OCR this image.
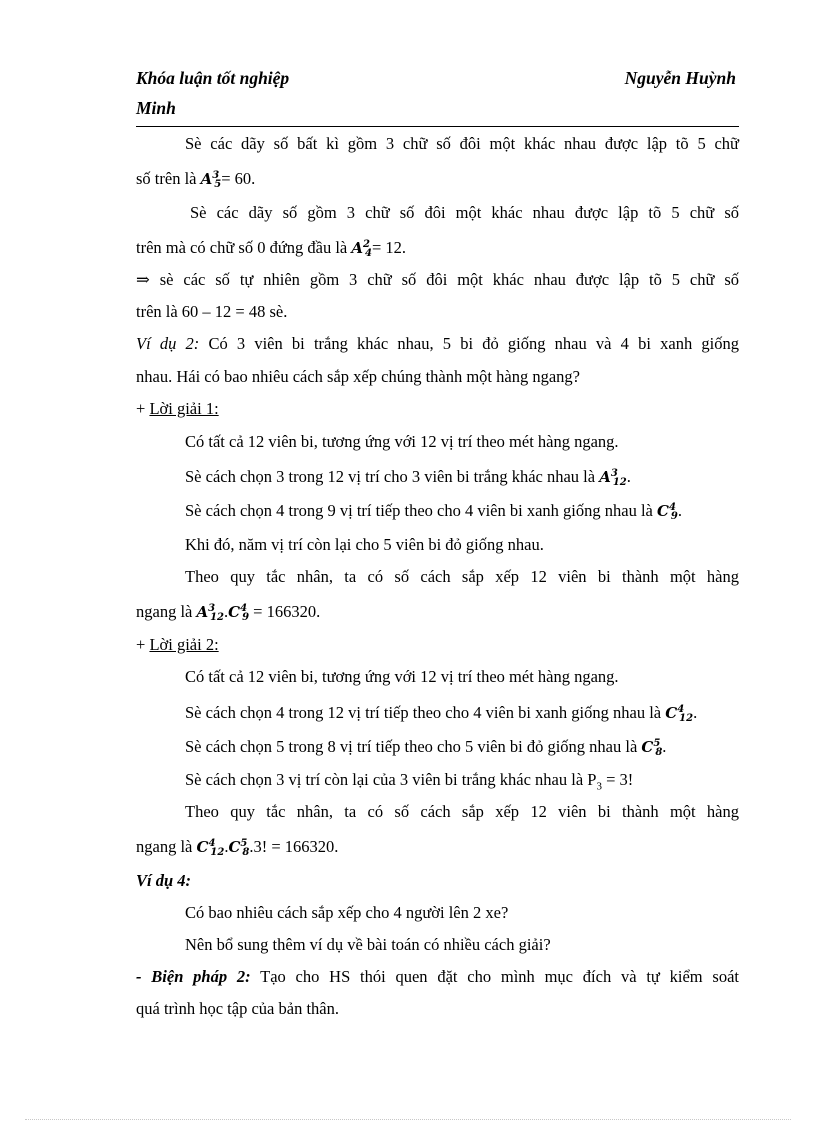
Khóa luận tốt nghiệp	Nguyễn Huỳnh
Minh
Sè các dãy số bất kì gồm 3 chữ số đôi một khác nhau được lập tõ 5 chữ
số trên là $A^3_5= 60$.
Sè các dãy số gồm 3 chữ số đôi một khác nhau được lập tõ 5 chữ số
trên mà có chữ số 0 đứng đầu là $A^2_4= 12$.
⇒ sè các số tự nhiên gồm 3 chữ số đôi một khác nhau được lập tõ 5 chữ số
trên là 60 – 12 = 48 sè.
Ví dụ 2: Có 3 viên bi trắng khác nhau, 5 bi đỏ giống nhau và 4 bi xanh giống
nhau. Hái có bao nhiêu cách sắp xếp chúng thành một hàng ngang?
+ Lời giải 1:
Có tất cả 12 viên bi, tương ứng với 12 vị trí theo mét hàng ngang.
Sè cách chọn 3 trong 12 vị trí cho 3 viên bi trắng khác nhau là $A^3_{12}$.
Sè cách chọn 4 trong 9 vị trí tiếp theo cho 4 viên bi xanh giống nhau là $C^4_9$.
Khi đó, năm vị trí còn lại cho 5 viên bi đỏ giống nhau.
Theo quy tắc nhân, ta có số cách sắp xếp 12 viên bi thành một hàng
ngang là $A^3_{12}.C^4_9 = 166320$.
+ Lời giải 2:
Có tất cả 12 viên bi, tương ứng với 12 vị trí theo mét hàng ngang.
Sè cách chọn 4 trong 12 vị trí tiếp theo cho 4 viên bi xanh giống nhau là $C^4_{12}$.
Sè cách chọn 5 trong 8 vị trí tiếp theo cho 5 viên bi đỏ giống nhau là $C^5_8$.
Sè cách chọn 3 vị trí còn lại của 3 viên bi trắng khác nhau là $P_3 = 3$!
Theo quy tắc nhân, ta có số cách sắp xếp 12 viên bi thành một hàng
ngang là $C^4_{12}.C^5_8.3$! = 166320.
Ví dụ 4:
Có bao nhiêu cách sắp xếp cho 4 người lên 2 xe?
Nên bổ sung thêm ví dụ về bài toán có nhiều cách giải?
- Biện pháp 2: Tạo cho HS thói quen đặt cho mình mục đích và tự kiểm soát
quá trình học tập của bản thân.
